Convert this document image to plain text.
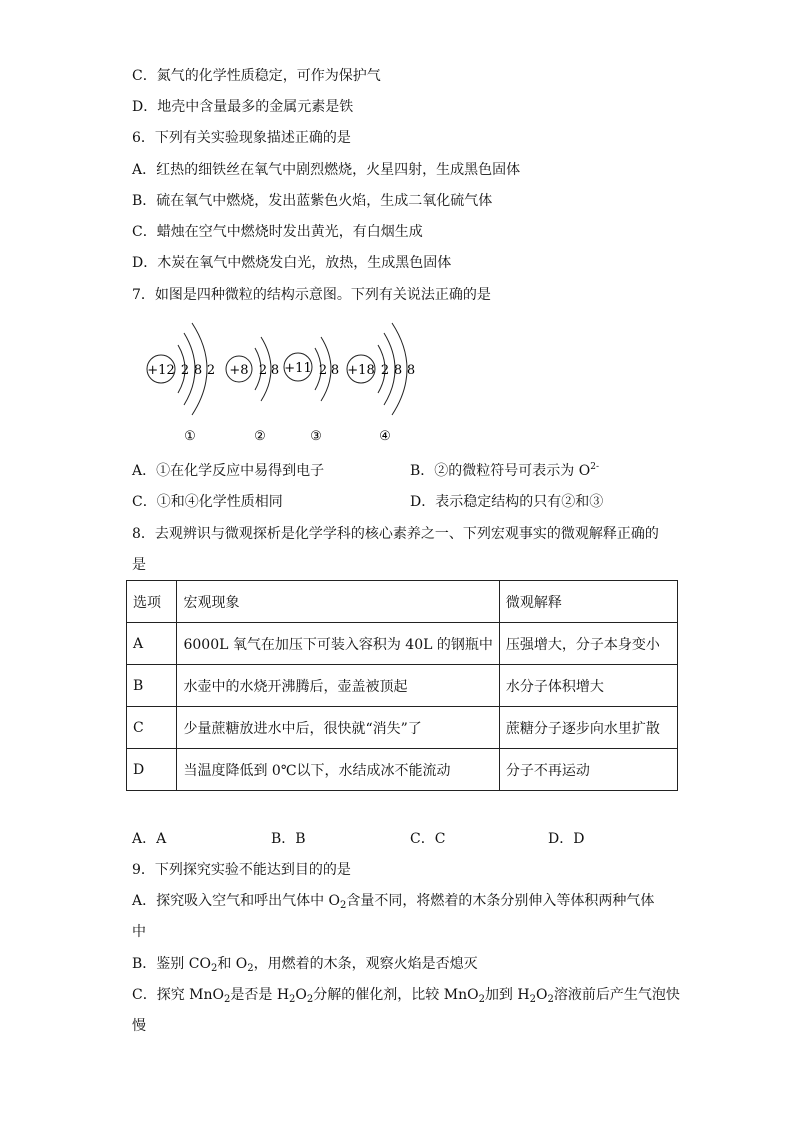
C．氮气的化学性质稳定，可作为保护气
D．地壳中含量最多的金属元素是铁
6．下列有关实验现象描述正确的是
A．红热的细铁丝在氧气中剧烈燃烧，火星四射，生成黑色固体
B．硫在氧气中燃烧，发出蓝紫色火焰，生成二氧化硫气体
C．蜡烛在空气中燃烧时发出黄光，有白烟生成
D．木炭在氧气中燃烧发白光，放热，生成黑色固体
7．如图是四种微粒的结构示意图。下列有关说法正确的是
+12 2 8 2
①
+8 2 8
②
+11 2 8
③
+18 2 8 8
④
A．①在化学反应中易得到电子	B．②的微粒符号可表示为 $O^{2-}$
C．①和④化学性质相同	D．表示稳定结构的只有②和③
8．去观辨识与微观探析是化学学科的核心素养之一、下列宏观事实的微观解释正确的
是
选项	宏观现象	微观解释
A	6000L 氧气在加压下可装入容积为 40L 的钢瓶中	压强增大，分子本身变小
B	水壶中的水烧开沸腾后，壶盖被顶起	水分子体积增大
C	少量蔗糖放进水中后，很快就“消失”了	蔗糖分子逐步向水里扩散
D	当温度降低到 0℃以下，水结成冰不能流动	分子不再运动
A．A	B．B	C．C	D．D
9．下列探究实验不能达到目的的是
A．探究吸入空气和呼出气体中 $O_2$含量不同，将燃着的木条分别伸入等体积两种气体
中
B．鉴别 $CO_2$和 $O_2$，用燃着的木条，观察火焰是否熄灭
C．探究 MnO$_2$是否是 $H_2O_2$分解的催化剂，比较 MnO$_2$加到 $H_2O_2$溶液前后产生气泡快
慢
